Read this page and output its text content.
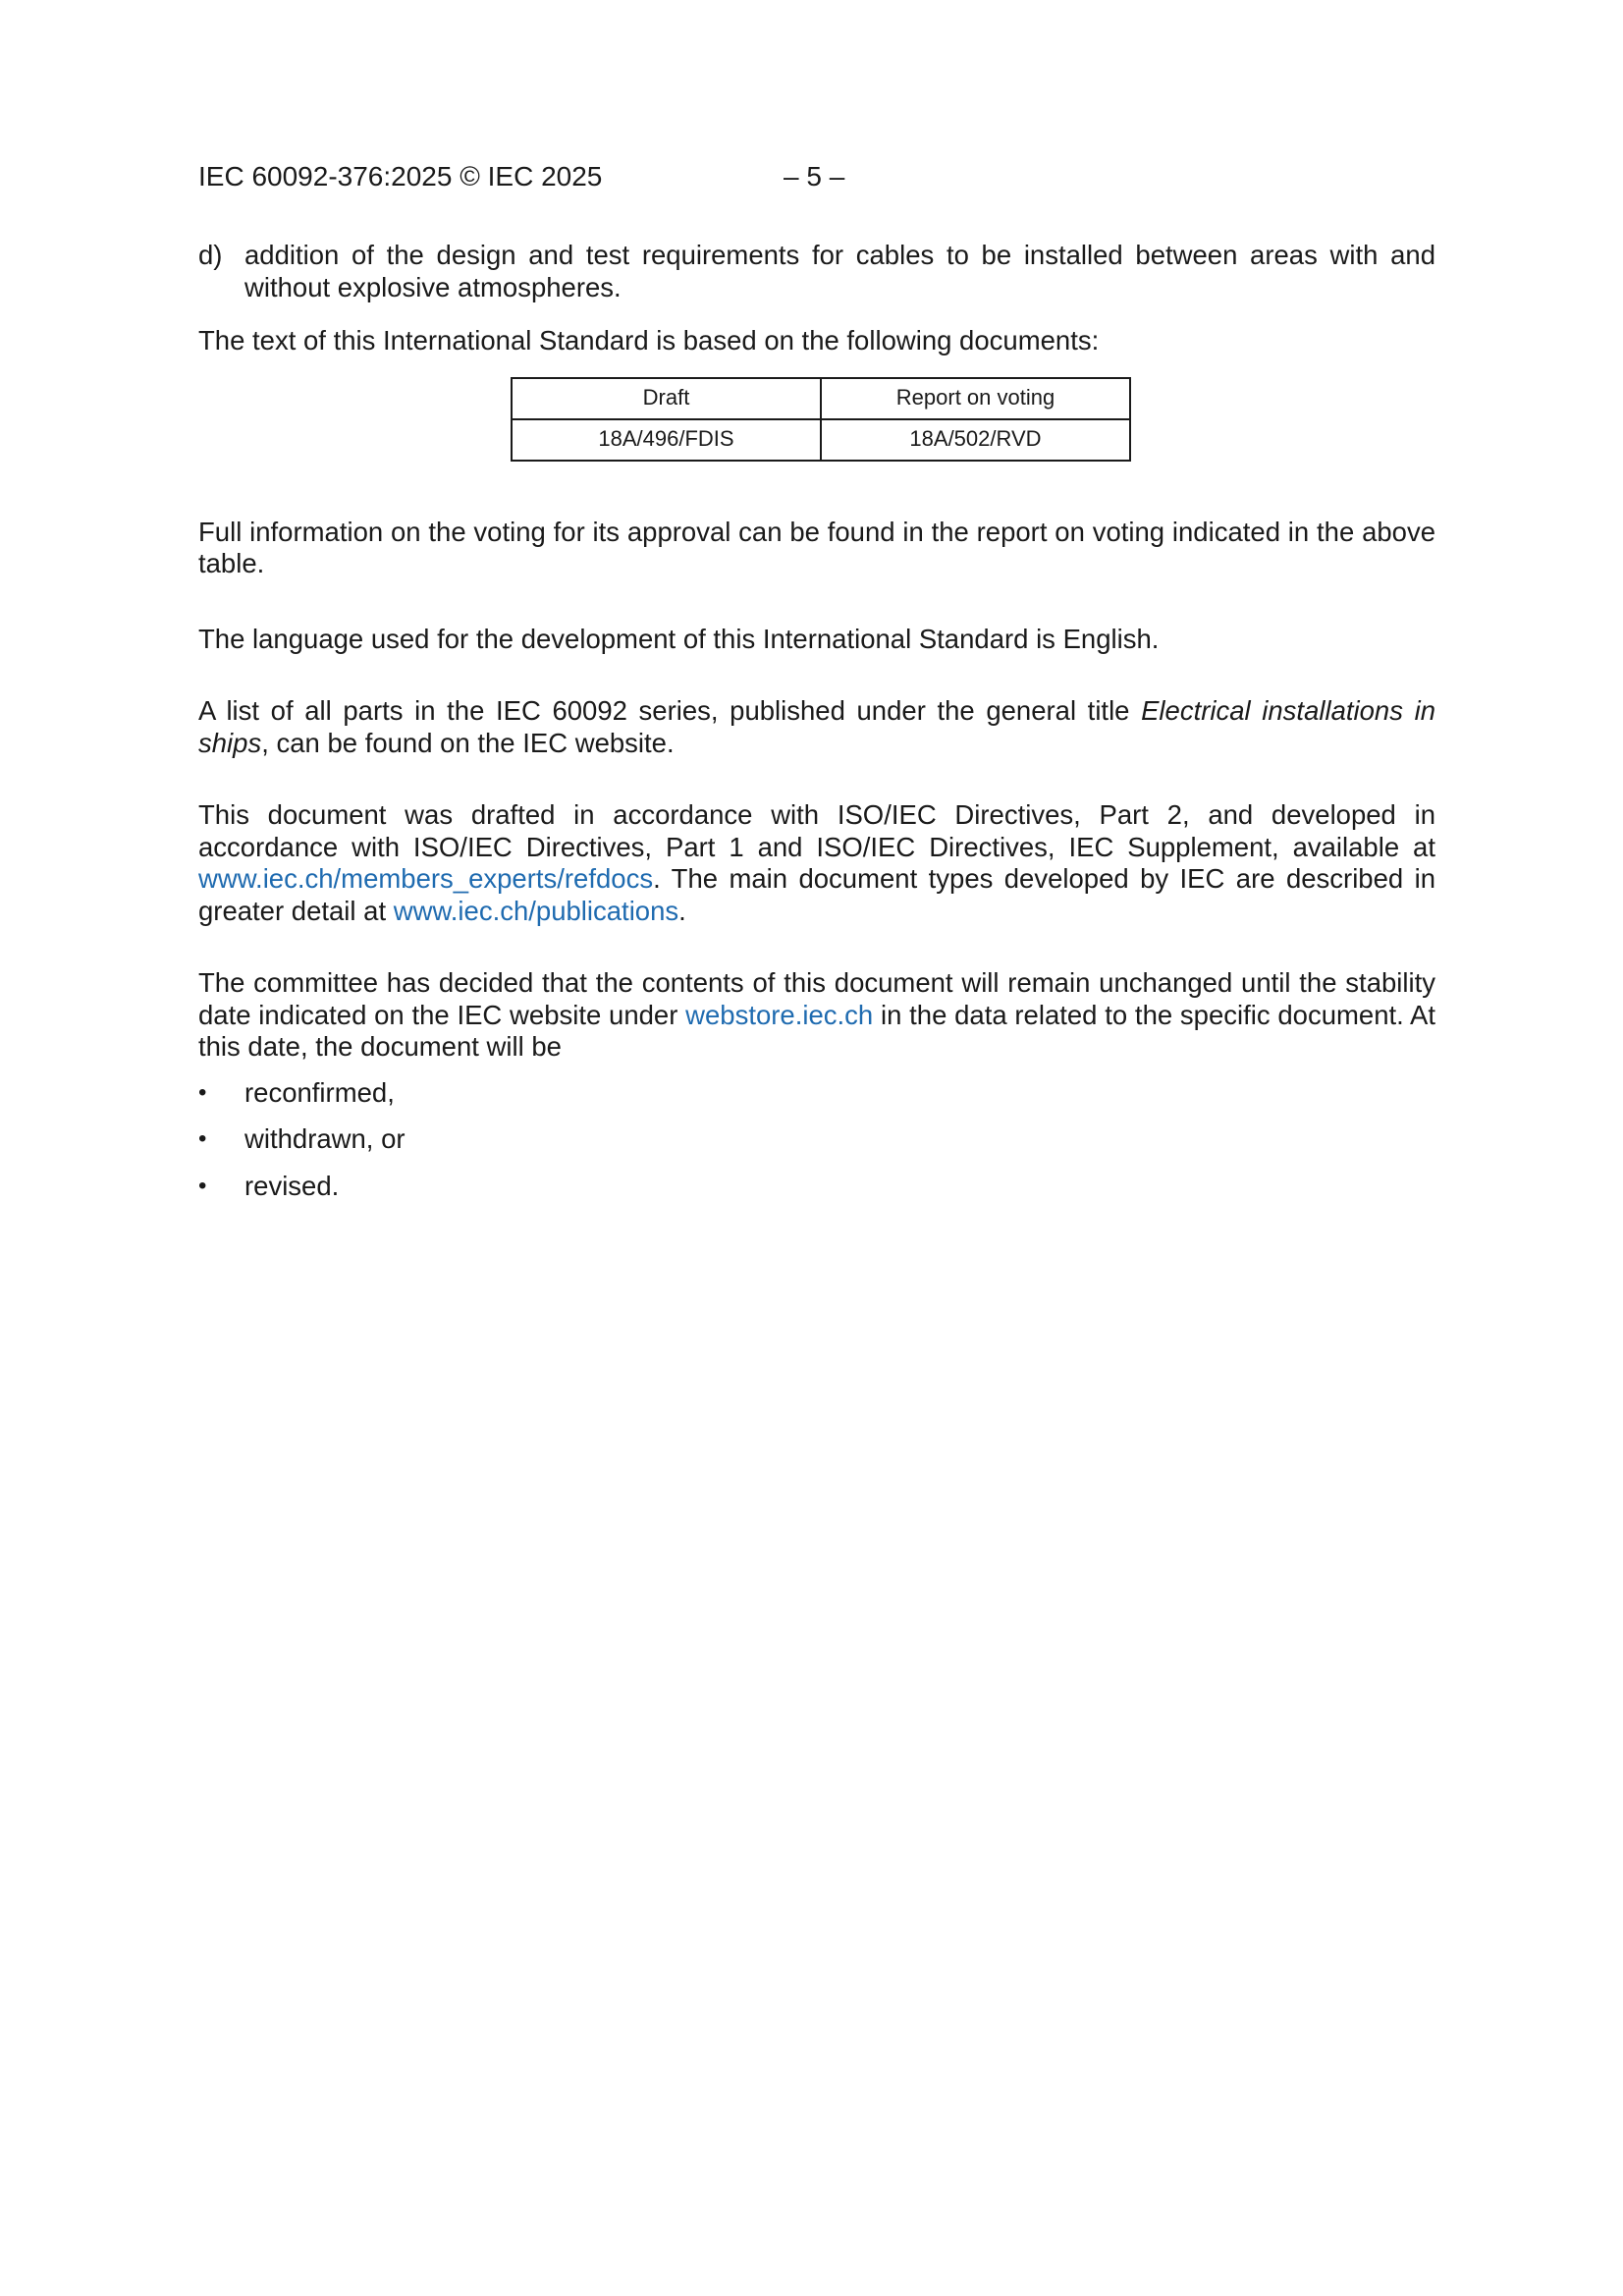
IEC 60092-376:2025 © IEC 2025	– 5 –
d) addition of the design and test requirements for cables to be installed between areas with and without explosive atmospheres.

The text of this International Standard is based on the following documents:

Draft	Report on voting
18A/496/FDIS	18A/502/RVD

Full information on the voting for its approval can be found in the report on voting indicated in the above table.

The language used for the development of this International Standard is English.

A list of all parts in the IEC 60092 series, published under the general title Electrical installations in ships, can be found on the IEC website.

This document was drafted in accordance with ISO/IEC Directives, Part 2, and developed in accordance with ISO/IEC Directives, Part 1 and ISO/IEC Directives, IEC Supplement, available at www.iec.ch/members_experts/refdocs. The main document types developed by IEC are described in greater detail at www.iec.ch/publications.

The committee has decided that the contents of this document will remain unchanged until the stability date indicated on the IEC website under webstore.iec.ch in the data related to the specific document. At this date, the document will be

•	reconfirmed,
•	withdrawn, or
•	revised.
